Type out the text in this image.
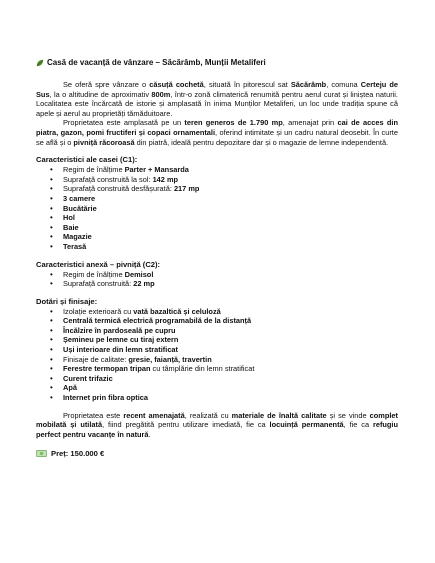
Casă de vacanță de vânzare – Săcărâmb, Munții Metaliferi

Se oferă spre vânzare o căsuță cochetă, situată în pitorescul sat Săcărâmb, comuna Certeju de Sus, la o altitudine de aproximativ 800m, într-o zonă climaterică renumită pentru aerul curat și liniștea naturii. Localitatea este încărcată de istorie și amplasată în inima Munților Metaliferi, un loc unde tradiția spune că apele și aerul au proprietăți tămăduitoare.

Proprietatea este amplasată pe un teren generos de 1.790 mp, amenajat prin cai de acces din piatra, gazon, pomi fructiferi și copaci ornamentali, oferind intimitate și un cadru natural deosebit. În curte se află și o pivniță răcoroasă din piatră, ideală pentru depozitare dar și o magazie de lemne independentă.

Caracteristici ale casei (C1):
• Regim de înălțime Parter + Mansarda
• Suprafață construită la sol: 142 mp
• Suprafață construită desfășurată: 217 mp
• 3 camere
• Bucătărie
• Hol
• Baie
• Magazie
• Terasă
Caracteristici anexă – pivniță (C2):
• Regim de înălțime Demisol
• Suprafață construită: 22 mp
Dotări și finisaje:
• Izolație exterioară cu vată bazaltică și celuloză
• Centrală termică electrică programabilă de la distanță
• Încălzire în pardoseală pe cupru
• Șemineu pe lemne cu tiraj extern
• Uși interioare din lemn stratificat
• Finisaje de calitate: gresie, faianță, travertin
• Ferestre termopan tripan cu tâmplărie din lemn stratificat
• Curent trifazic
• Apă
• Internet prin fibra optica

Proprietatea este recent amenajată, realizată cu materiale de înaltă calitate și se vinde complet mobilată și utilată, fiind pregătită pentru utilizare imediată, fie ca locuință permanentă, fie ca refugiu perfect pentru vacanțe în natură.

Preț: 150.000 €
